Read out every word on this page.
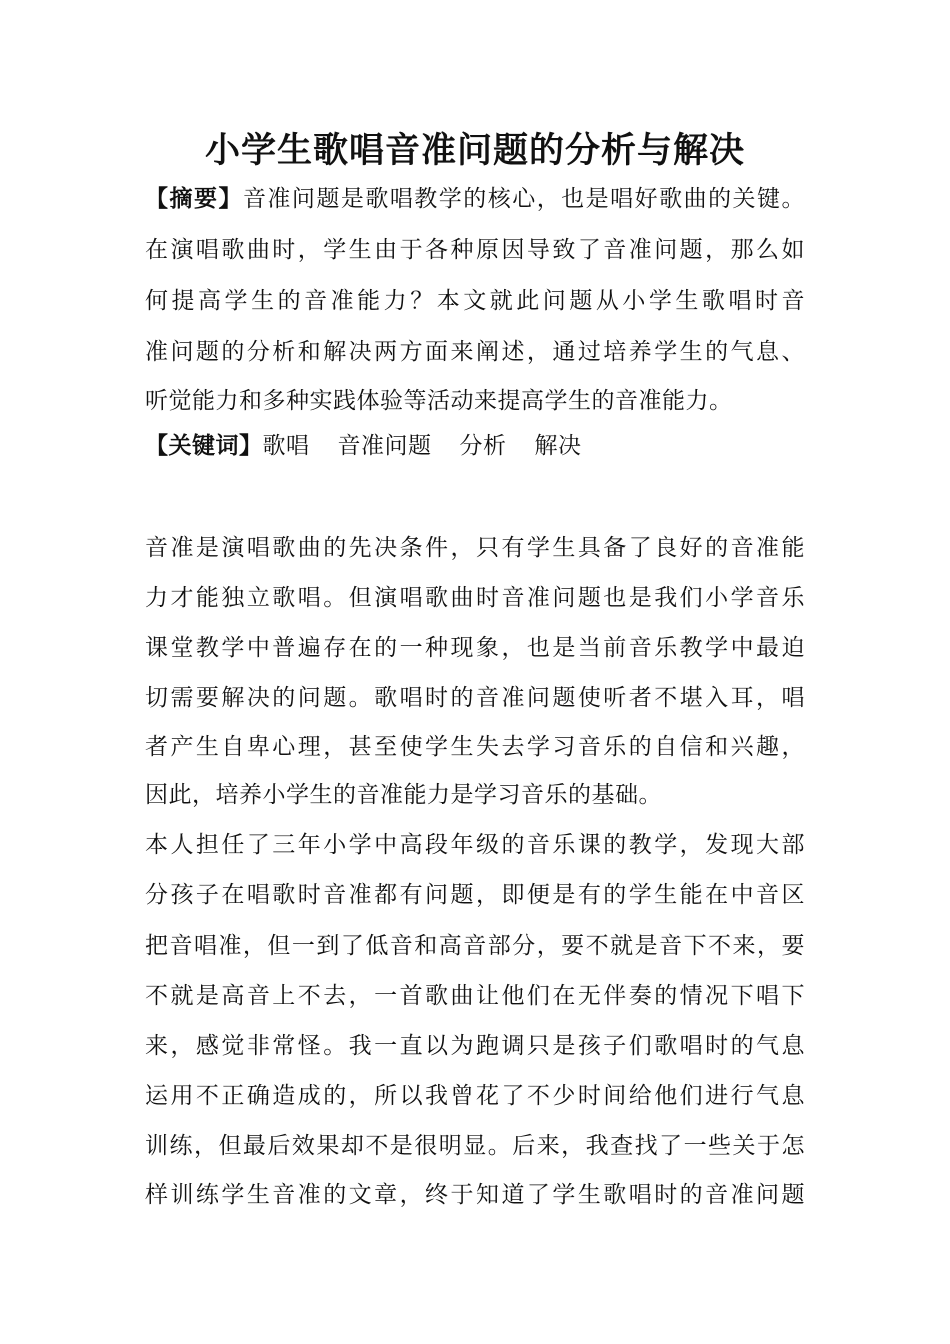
小学生歌唱音准问题的分析与解决
【摘要】音准问题是歌唱教学的核心，也是唱好歌曲的关键。
在演唱歌曲时，学生由于各种原因导致了音准问题，那么如
何提高学生的音准能力？本文就此问题从小学生歌唱时音
准问题的分析和解决两方面来阐述，通过培养学生的气息、
听觉能力和多种实践体验等活动来提高学生的音准能力。
【关键词】歌唱 音准问题 分析 解决
音准是演唱歌曲的先决条件，只有学生具备了良好的音准能
力才能独立歌唱。但演唱歌曲时音准问题也是我们小学音乐
课堂教学中普遍存在的一种现象，也是当前音乐教学中最迫
切需要解决的问题。歌唱时的音准问题使听者不堪入耳，唱
者产生自卑心理，甚至使学生失去学习音乐的自信和兴趣，
因此，培养小学生的音准能力是学习音乐的基础。
本人担任了三年小学中高段年级的音乐课的教学，发现大部
分孩子在唱歌时音准都有问题，即便是有的学生能在中音区
把音唱准，但一到了低音和高音部分，要不就是音下不来，要
不就是高音上不去，一首歌曲让他们在无伴奏的情况下唱下
来，感觉非常怪。我一直以为跑调只是孩子们歌唱时的气息
运用不正确造成的，所以我曾花了不少时间给他们进行气息
训练，但最后效果却不是很明显。后来，我查找了一些关于怎
样训练学生音准的文章，终于知道了学生歌唱时的音准问题
